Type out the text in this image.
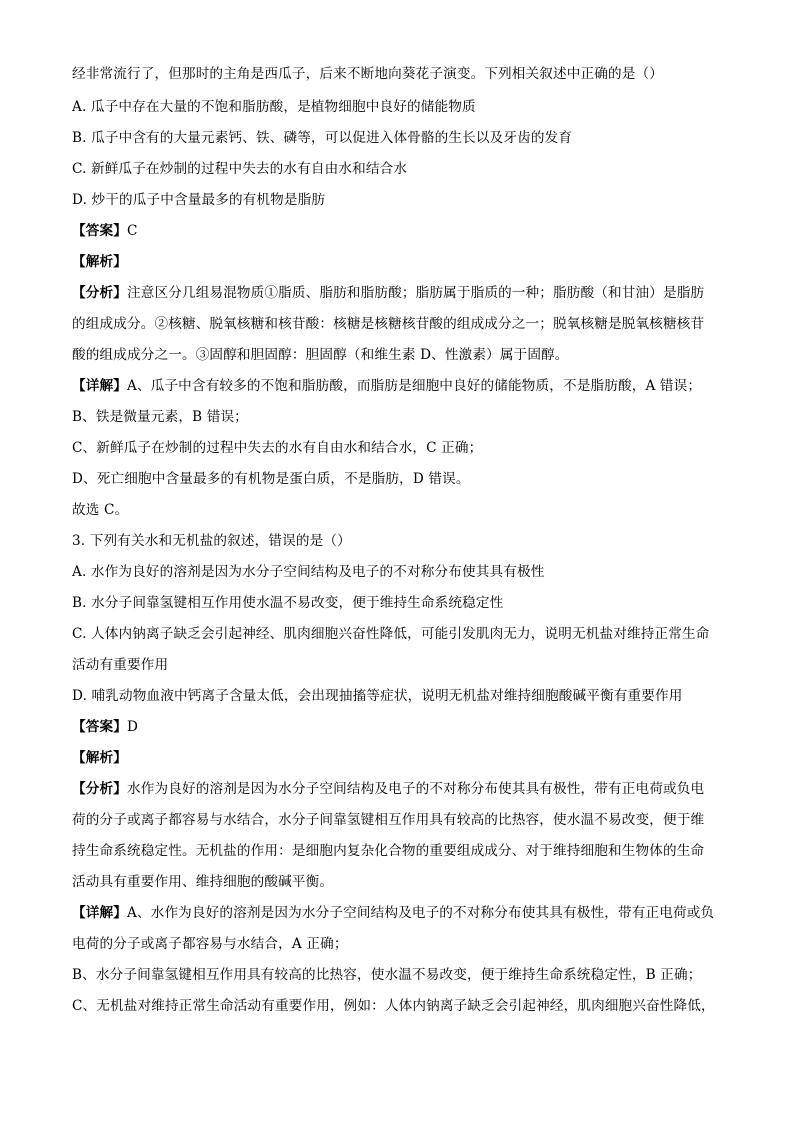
经非常流行了，但那时的主角是西瓜子，后来不断地向葵花子演变。下列相关叙述中正确的是（）
A. 瓜子中存在大量的不饱和脂肪酸，是植物细胞中良好的储能物质
B. 瓜子中含有的大量元素钙、铁、磷等，可以促进入体骨骼的生长以及牙齿的发育
C. 新鲜瓜子在炒制的过程中失去的水有自由水和结合水
D. 炒干的瓜子中含量最多的有机物是脂肪
【答案】C
【解析】
【分析】注意区分几组易混物质①脂质、脂肪和脂肪酸；脂肪属于脂质的一种；脂肪酸（和甘油）是脂肪
的组成成分。②核糖、脱氧核糖和核苷酸：核糖是核糖核苷酸的组成成分之一；脱氧核糖是脱氧核糖核苷
酸的组成成分之一。③固醇和胆固醇：胆固醇（和维生素 D、性激素）属于固醇。
【详解】A、瓜子中含有较多的不饱和脂肪酸，而脂肪是细胞中良好的储能物质，不是脂肪酸，A 错误；
B、铁是微量元素，B 错误；
C、新鲜瓜子在炒制的过程中失去的水有自由水和结合水，C 正确；
D、死亡细胞中含量最多的有机物是蛋白质，不是脂肪，D 错误。
故选 C。
3. 下列有关水和无机盐的叙述，错误的是（）
A. 水作为良好的溶剂是因为水分子空间结构及电子的不对称分布使其具有极性
B. 水分子间靠氢键相互作用使水温不易改变，便于维持生命系统稳定性
C. 人体内钠离子缺乏会引起神经、肌肉细胞兴奋性降低，可能引发肌肉无力，说明无机盐对维持正常生命
活动有重要作用
D. 哺乳动物血液中钙离子含量太低，会出现抽搐等症状，说明无机盐对维持细胞酸碱平衡有重要作用
【答案】D
【解析】
【分析】水作为良好的溶剂是因为水分子空间结构及电子的不对称分布使其具有极性，带有正电荷或负电
荷的分子或离子都容易与水结合，水分子间靠氢键相互作用具有较高的比热容，使水温不易改变，便于维
持生命系统稳定性。无机盐的作用：是细胞内复杂化合物的重要组成成分、对于维持细胞和生物体的生命
活动具有重要作用、维持细胞的酸碱平衡。
【详解】A、水作为良好的溶剂是因为水分子空间结构及电子的不对称分布使其具有极性，带有正电荷或负
电荷的分子或离子都容易与水结合，A 正确；
B、水分子间靠氢键相互作用具有较高的比热容，使水温不易改变，便于维持生命系统稳定性，B 正确；
C、无机盐对维持正常生命活动有重要作用，例如：人体内钠离子缺乏会引起神经，肌肉细胞兴奋性降低，
